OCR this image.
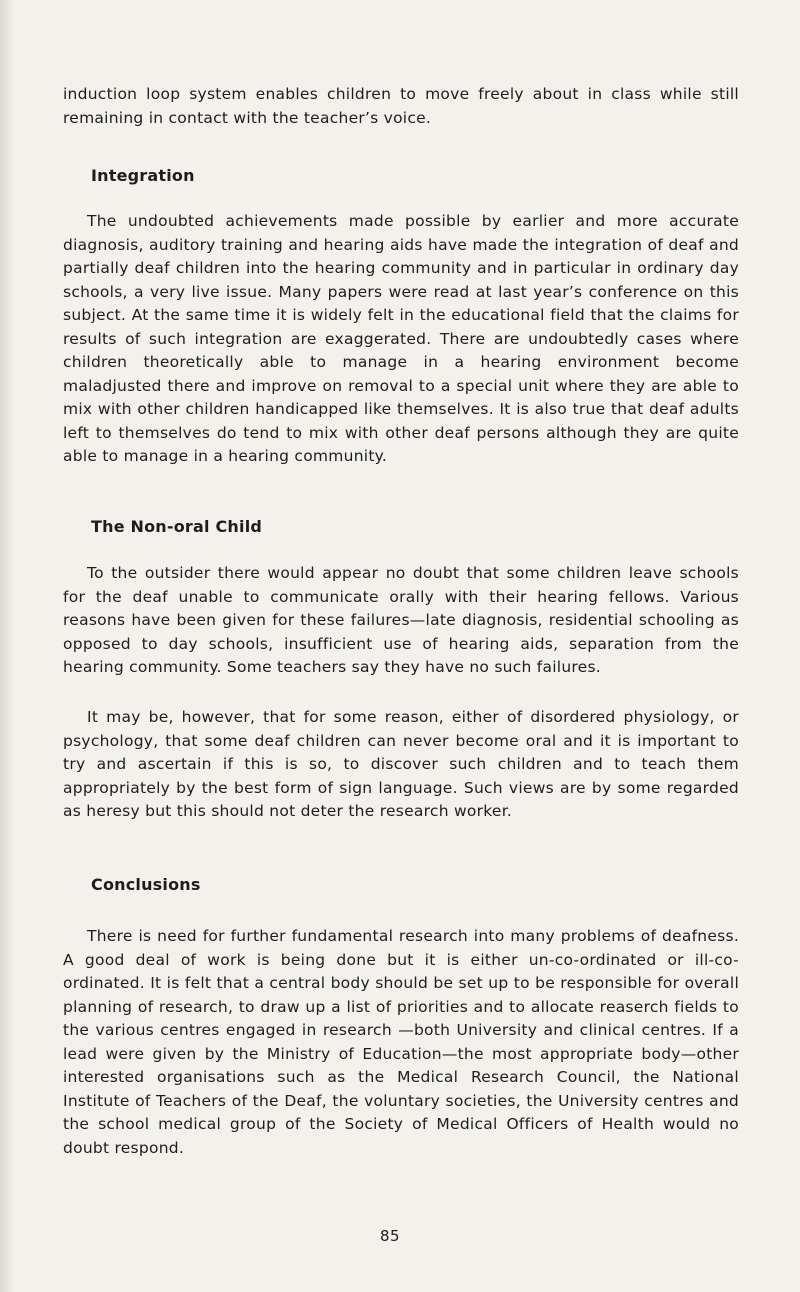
induction loop system enables children to move freely about in class while still remaining in contact with the teacher’s voice.

Integration

The undoubted achievements made possible by earlier and more accurate diagnosis, auditory training and hearing aids have made the integration of deaf and partially deaf children into the hearing community and in particular in ordinary day schools, a very live issue. Many papers were read at last year’s conference on this subject. At the same time it is widely felt in the educational field that the claims for results of such integration are exaggerated. There are undoubtedly cases where children theoretically able to manage in a hearing environment become maladjusted there and improve on removal to a special unit where they are able to mix with other children handicapped like themselves. It is also true that deaf adults left to themselves do tend to mix with other deaf persons although they are quite able to manage in a hearing community.

The Non-oral Child

To the outsider there would appear no doubt that some children leave schools for the deaf unable to communicate orally with their hearing fellows. Various reasons have been given for these failures—late diagnosis, residential schooling as opposed to day schools, insufficient use of hearing aids, separation from the hearing community. Some teachers say they have no such failures.

It may be, however, that for some reason, either of disordered physiology, or psychology, that some deaf children can never become oral and it is important to try and ascertain if this is so, to discover such children and to teach them appropriately by the best form of sign language. Such views are by some regarded as heresy but this should not deter the research worker.

Conclusions

There is need for further fundamental research into many problems of deafness. A good deal of work is being done but it is either un-co-ordinated or ill-co-ordinated. It is felt that a central body should be set up to be responsible for overall planning of research, to draw up a list of priorities and to allocate reaserch fields to the various centres engaged in research —both University and clinical centres. If a lead were given by the Ministry of Education—the most appropriate body—other interested organisations such as the Medical Research Council, the National Institute of Teachers of the Deaf, the voluntary societies, the University centres and the school medical group of the Society of Medical Officers of Health would no doubt respond.

85
